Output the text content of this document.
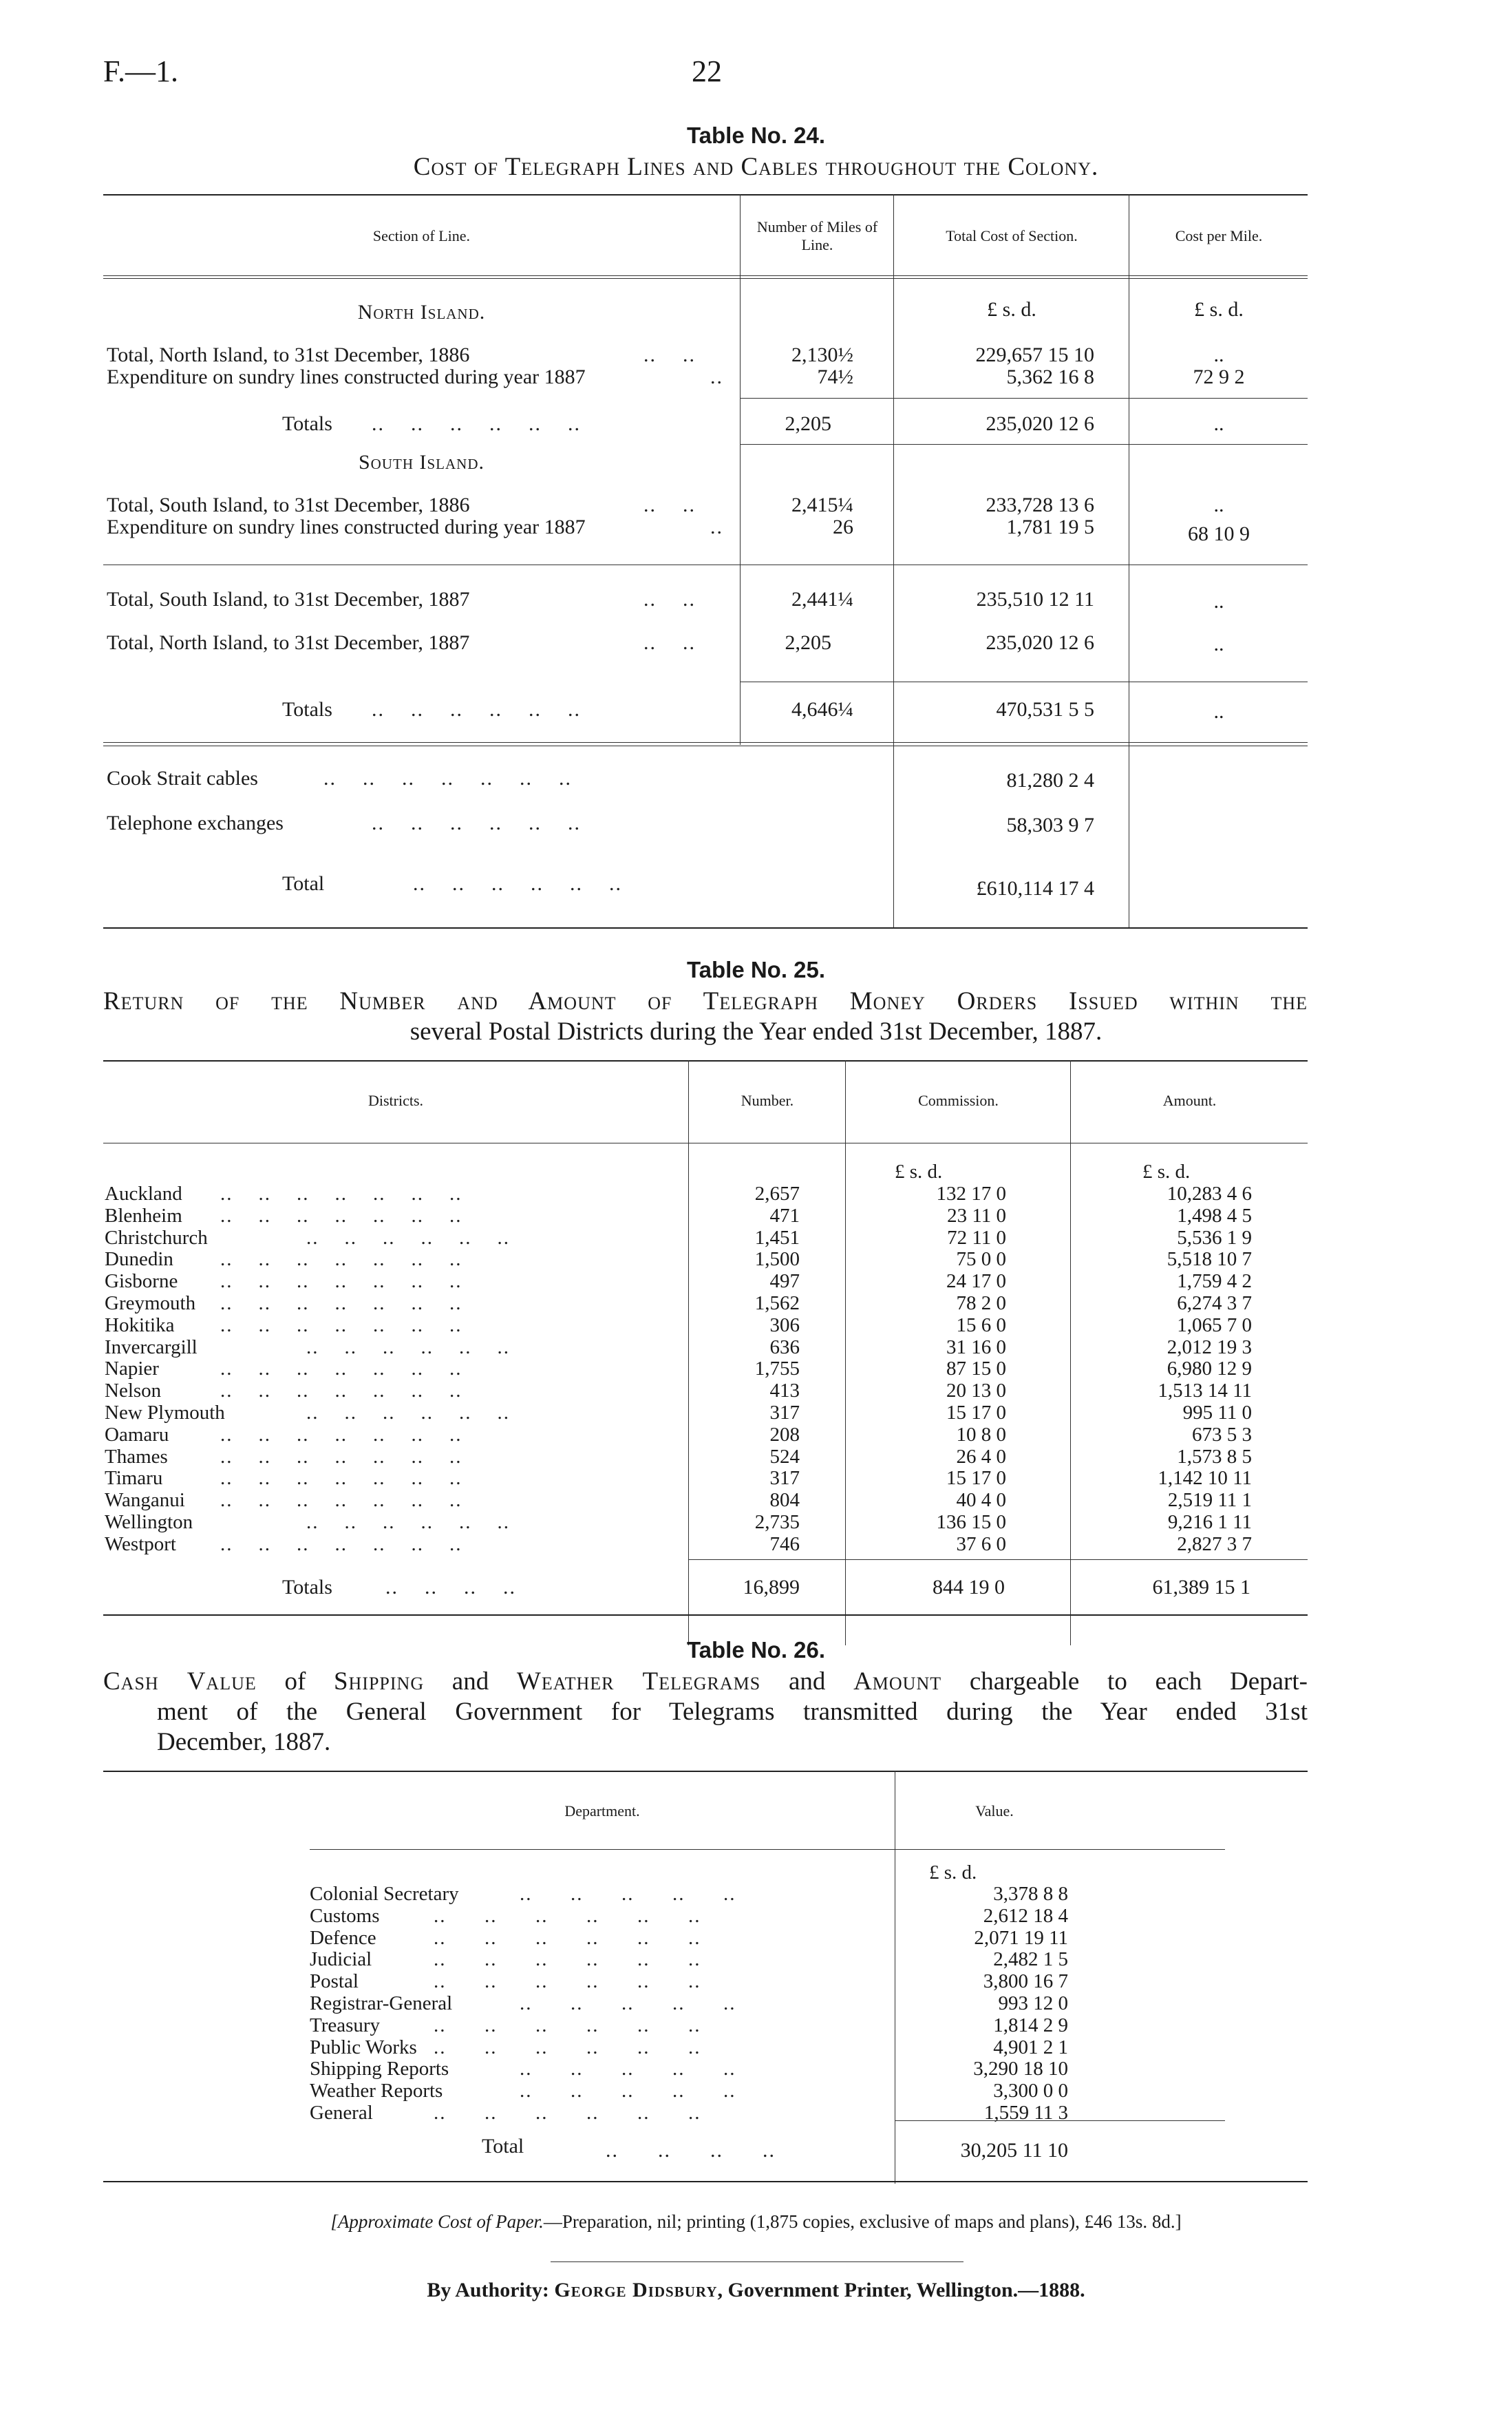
F.—1.	22
Table No. 24.
Cost of Telegraph Lines and Cables throughout the Colony.
Section of Line.
Number of Miles of Line.
Total Cost of Section.	Cost per Mile.
North Island.	£ s. d.	£ s. d.
Total, North Island, to 31st December, 1886	..    ..	2,130½	229,657 15 10	..
Expenditure on sundry lines constructed during year 1887	..	74½	5,362 16 8	72 9 2
Totals ..    ..    ..    ..    ..    ..	2,205	235,020 12 6	..
South Island.
Total, South Island, to 31st December, 1886	..    ..	2,415¼	233,728 13 6	..
Expenditure on sundry lines constructed during year 1887	..	26	1,781 19 5	68 10 9
Total, South Island, to 31st December, 1887	..    ..	2,441¼	235,510 12 11	..
Total, North Island, to 31st December, 1887	..    ..	2,205	235,020 12 6	..
Totals ..    ..    ..    ..    ..    ..	4,646¼	470,531 5 5	..
Cook Strait cables	..    ..    ..    ..    ..    ..    ..	81,280 2 4
Telephone exchanges	..    ..    ..    ..    ..    ..	58,303 9 7
Total	..    ..    ..    ..    ..    ..	£610,114 17 4
Table No. 25.
Return of the Number and Amount of Telegraph Money Orders Issued within the
several Postal Districts during the Year ended 31st December, 1887.
Districts.	Number.	Commission.	Amount.
£ s. d.	£ s. d.
Auckland ..    ..    ..    ..    ..    ..    ..	2,657	132 17 0	10,283 4 6
Blenheim ..    ..    ..    ..    ..    ..    ..	471	23 11 0	1,498 4 5
Christchurch	..    ..    ..    ..    ..    ..	1,451	72 11 0	5,536 1 9
Dunedin ..    ..    ..    ..    ..    ..    ..	1,500	75 0 0	5,518 10 7
Gisborne ..    ..    ..    ..    ..    ..    ..	497	24 17 0	1,759 4 2
Greymouth ..    ..    ..    ..    ..    ..    ..	1,562	78 2 0	6,274 3 7
Hokitika ..    ..    ..    ..    ..    ..    ..	306	15 6 0	1,065 7 0
Invercargill	..    ..    ..    ..    ..    ..	636	31 16 0	2,012 19 3
Napier	..    ..    ..    ..    ..    ..    ..	1,755	87 15 0	6,980 12 9
Nelson	..    ..    ..    ..    ..    ..    ..	413	20 13 0	1,513 14 11
New Plymouth	..    ..    ..    ..    ..    ..	317	15 17 0	995 11 0
Oamaru	..    ..    ..    ..    ..    ..    ..	208	10 8 0	673 5 3
Thames	..    ..    ..    ..    ..    ..    ..	524	26 4 0	1,573 8 5
Timaru	..    ..    ..    ..    ..    ..    ..	317	15 17 0	1,142 10 11
Wanganui ..    ..    ..    ..    ..    ..    ..	804	40 4 0	2,519 11 1
Wellington	..    ..    ..    ..    ..    ..	2,735	136 15 0	9,216 1 11
Westport ..    ..    ..    ..    ..    ..    ..	746	37 6 0	2,827 3 7
Totals	..    ..    ..    ..	16,899	844 19 0	61,389 15 1
Table No. 26.
Cash Value of Shipping and Weather Telegrams and Amount chargeable to each Depart-
ment of the General Government for Telegrams transmitted during the Year ended 31st
December, 1887.
Department.	Value.
£ s. d.
Colonial Secretary	..      ..      ..      ..      ..	3,378 8 8
Customs	..      ..      ..      ..      ..      ..	2,612 18 4
Defence	..      ..      ..      ..      ..      ..	2,071 19 11
Judicial	..      ..      ..      ..      ..      ..	2,482 1 5
Postal	..      ..      ..      ..      ..      ..	3,800 16 7
Registrar-General	..      ..      ..      ..      ..	993 12 0
Treasury	..      ..      ..      ..      ..      ..	1,814 2 9
Public Works ..      ..      ..      ..      ..      ..	4,901 2 1
Shipping Reports	..      ..      ..      ..      ..	3,290 18 10
Weather Reports	..      ..      ..      ..      ..	3,300 0 0
General	..      ..      ..      ..      ..      ..	1,559 11 3
Total	..      ..      ..      ..	30,205 11 10
[Approximate Cost of Paper.—Preparation, nil; printing (1,875 copies, exclusive of maps and plans), £46 13s. 8d.]
By Authority: George Didsbury, Government Printer, Wellington.—1888.
